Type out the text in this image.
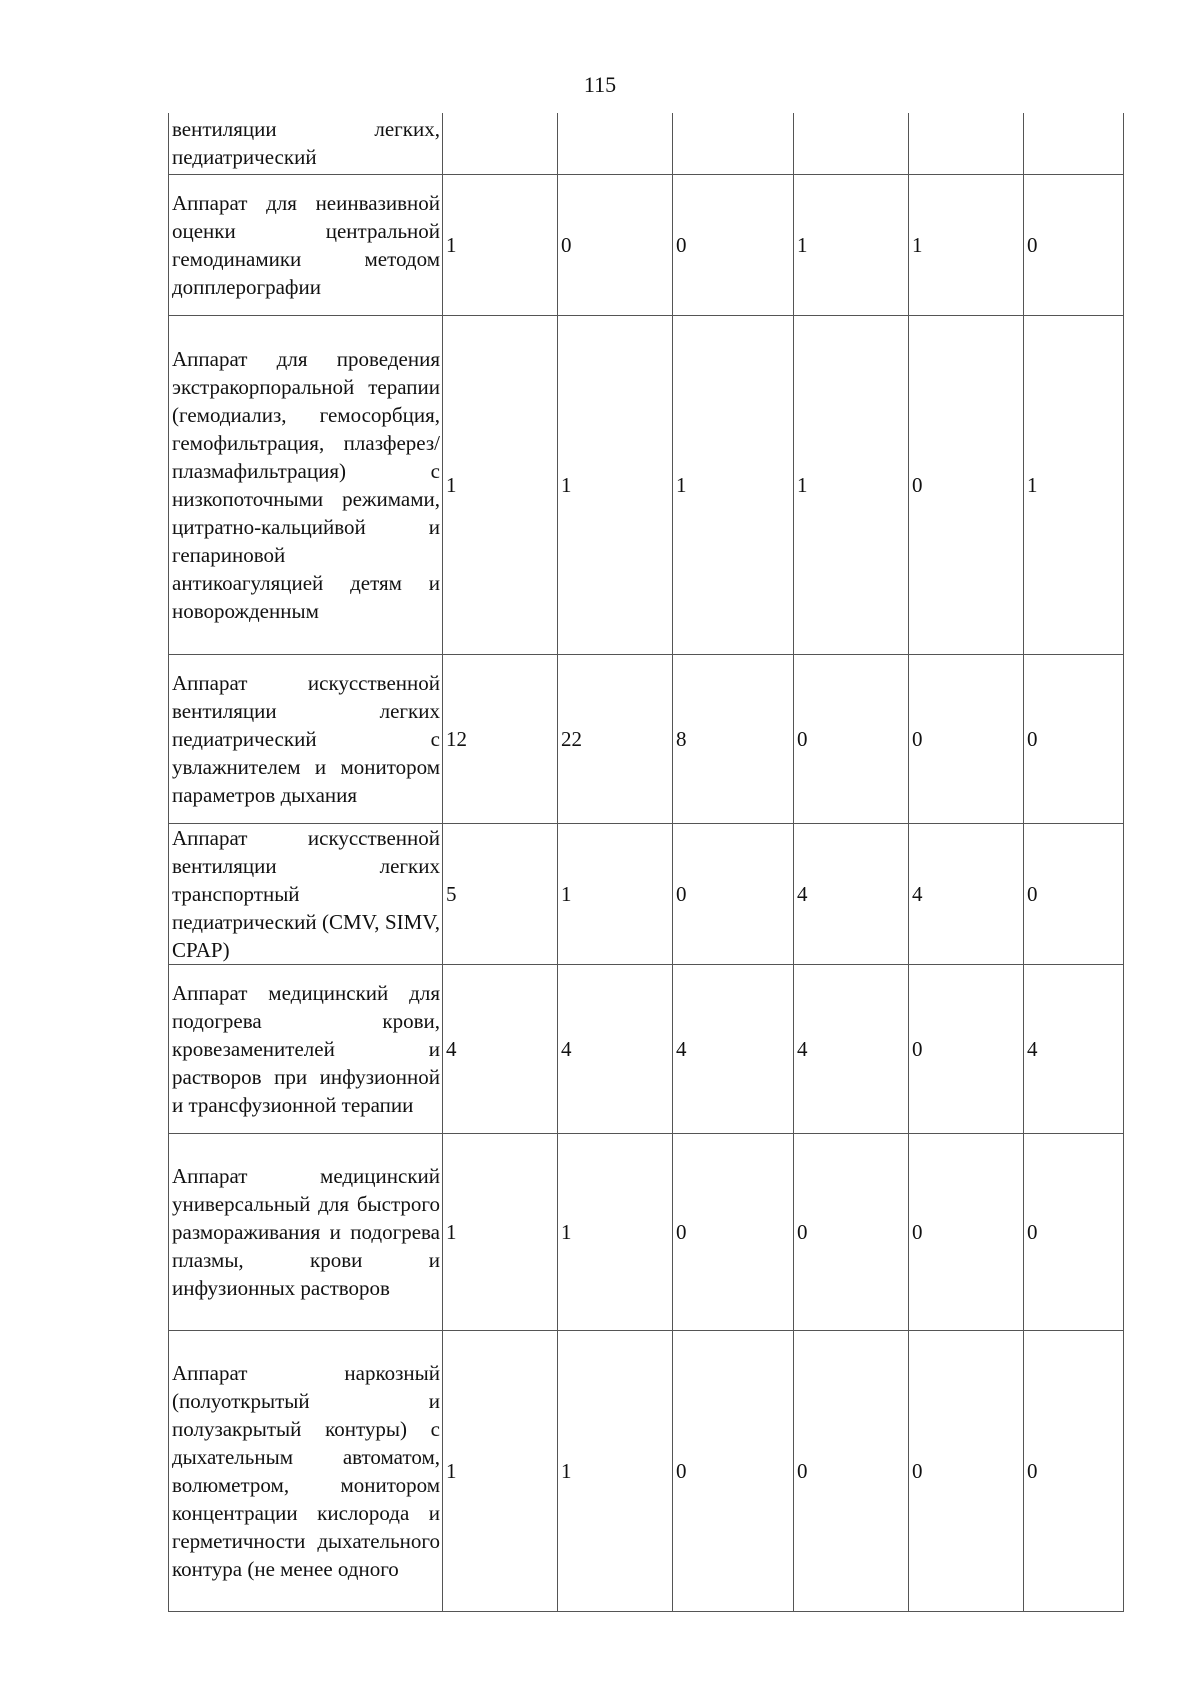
115
вентиляции легких, педиатрический						
Аппарат для неинвазивной оценки центральной гемодинамики методом допплерографии	1	0	0	1	1	0
Аппарат для проведения экстракорпоральной терапии (гемодиализ, гемосорбция, гемофильтрация, плазферез/плазмафильтрация) с низкопоточными режимами, цитратно-кальцийвой и гепариновой антикоагуляцией детям и новорожденным	1	1	1	1	0	1
Аппарат искусственной вентиляции легких педиатрический с увлажнителем и монитором параметров дыхания	12	22	8	0	0	0
Аппарат искусственной вентиляции легких транспортный педиатрический (CMV, SIMV, CPAP)	5	1	0	4	4	0
Аппарат медицинский для подогрева крови, кровезаменителей и растворов при инфузионной и трансфузионной терапии	4	4	4	4	0	4
Аппарат медицинский универсальный для быстрого размораживания и подогрева плазмы, крови и инфузионных растворов	1	1	0	0	0	0
Аппарат наркозный (полуоткрытый и полузакрытый контуры) с дыхательным автоматом, волюметром, монитором концентрации кислорода и герметичности дыхательного контура (не менее одного	1	1	0	0	0	0
